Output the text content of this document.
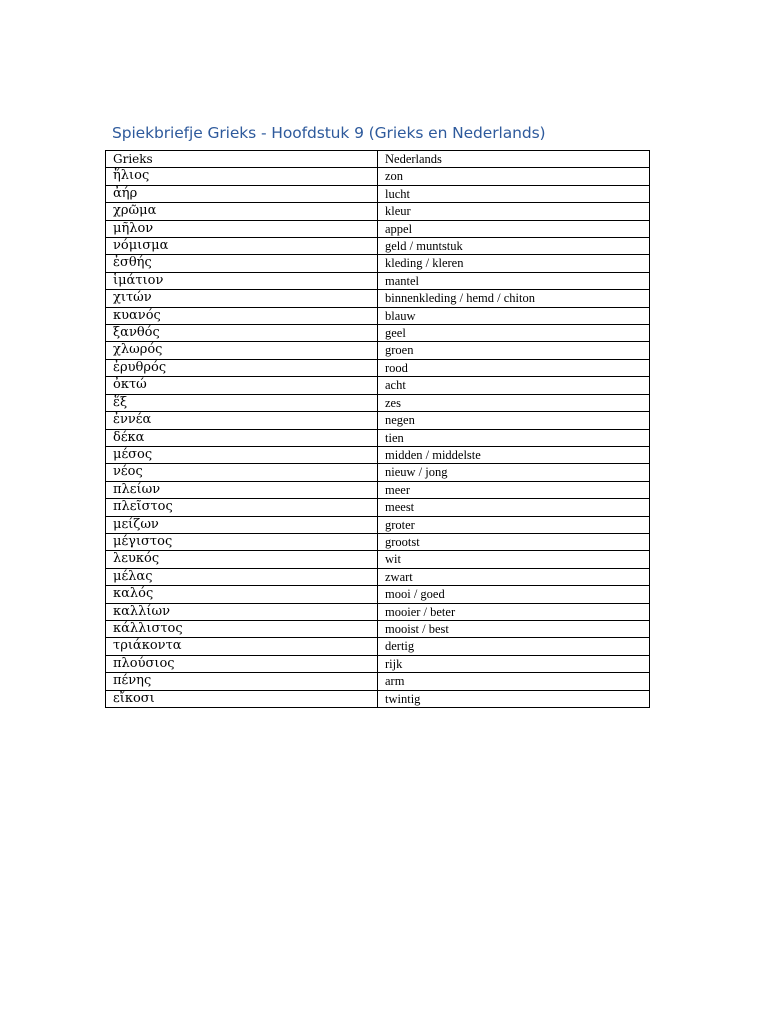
Spiekbriefje Grieks - Hoofdstuk 9 (Grieks en Nederlands)
Grieks	Nederlands
ἥλιος	zon
ἀήρ	lucht
χρῶμα	kleur
μῆλον	appel
νόμισμα	geld / muntstuk
ἐσθής	kleding / kleren
ἱμάτιον	mantel
χιτών	binnenkleding / hemd / chiton
κυανός	blauw
ξανθός	geel
χλωρός	groen
ἐρυθρός	rood
ὀκτώ	acht
ἕξ	zes
ἐννέα	negen
δέκα	tien
μέσος	midden / middelste
νέος	nieuw / jong
πλείων	meer
πλεῖστος	meest
μείζων	groter
μέγιστος	grootst
λευκός	wit
μέλας	zwart
καλός	mooi / goed
καλλίων	mooier / beter
κάλλιστος	mooist / best
τριάκοντα	dertig
πλούσιος	rijk
πένης	arm
εἴκοσι	twintig
